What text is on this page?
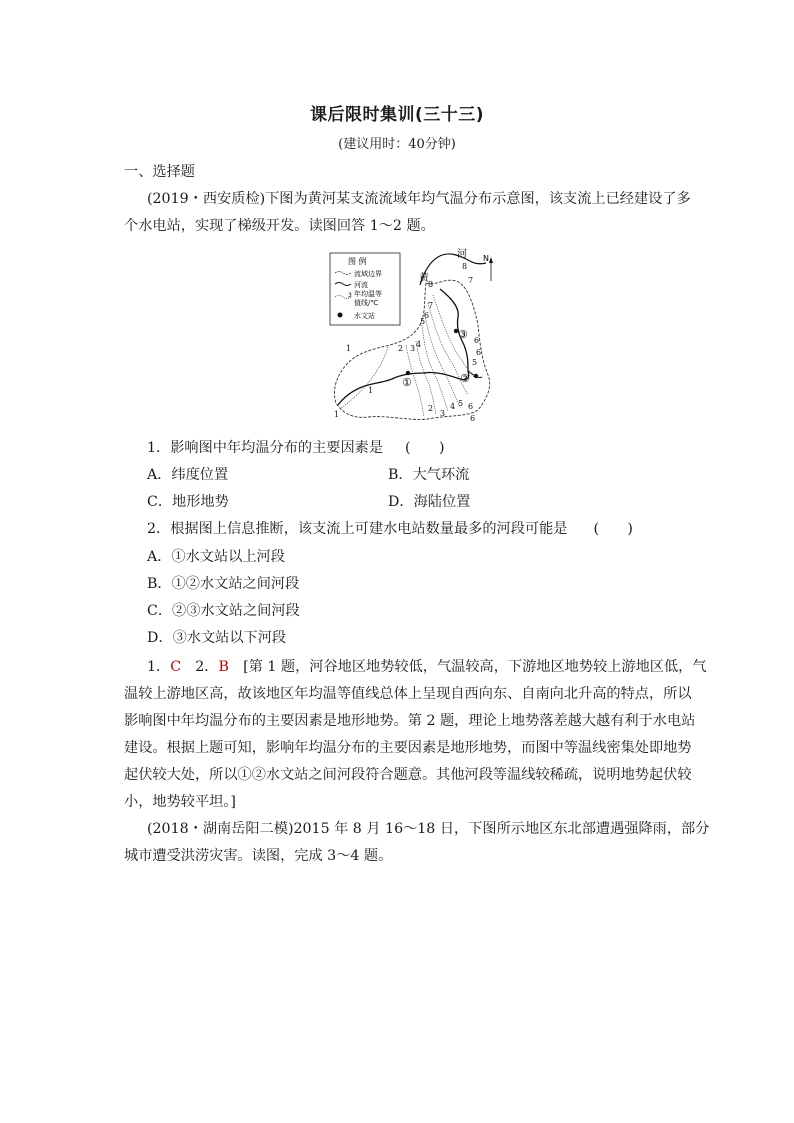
课后限时集训(三十三)
(建议用时：40分钟)
一、选择题
(2019・西安质检)下图为黄河某支流流域年均气温分布示意图，该支流上已经建设了多
个水电站，实现了梯级开发。读图回答 1～2 题。
图 例
流域边界
河流
3 年均温等
值线/℃
水文站
河
黄
N
8
7
8
7
6
5
6
6
5
4
3
2
1
1
1
2
3
4 5 6
6
①	②
③
1．影响图中年均温分布的主要因素是 (　　)
A．纬度位置	B．大气环流
C．地形地势	D．海陆位置
2．根据图上信息推断，该支流上可建水电站数量最多的河段可能是 (　　)
A．①水文站以上河段
B．①②水文站之间河段
C．②③水文站之间河段
D．③水文站以下河段
1．C　2．B　[第 1 题，河谷地区地势较低，气温较高，下游地区地势较上游地区低，气
温较上游地区高，故该地区年均温等值线总体上呈现自西向东、自南向北升高的特点，所以
影响图中年均温分布的主要因素是地形地势。第 2 题，理论上地势落差越大越有利于水电站
建设。根据上题可知，影响年均温分布的主要因素是地形地势，而图中等温线密集处即地势
起伏较大处，所以①②水文站之间河段符合题意。其他河段等温线较稀疏，说明地势起伏较
小，地势较平坦。]
(2018・湖南岳阳二模)2015 年 8 月 16～18 日，下图所示地区东北部遭遇强降雨，部分
城市遭受洪涝灾害。读图，完成 3～4 题。
